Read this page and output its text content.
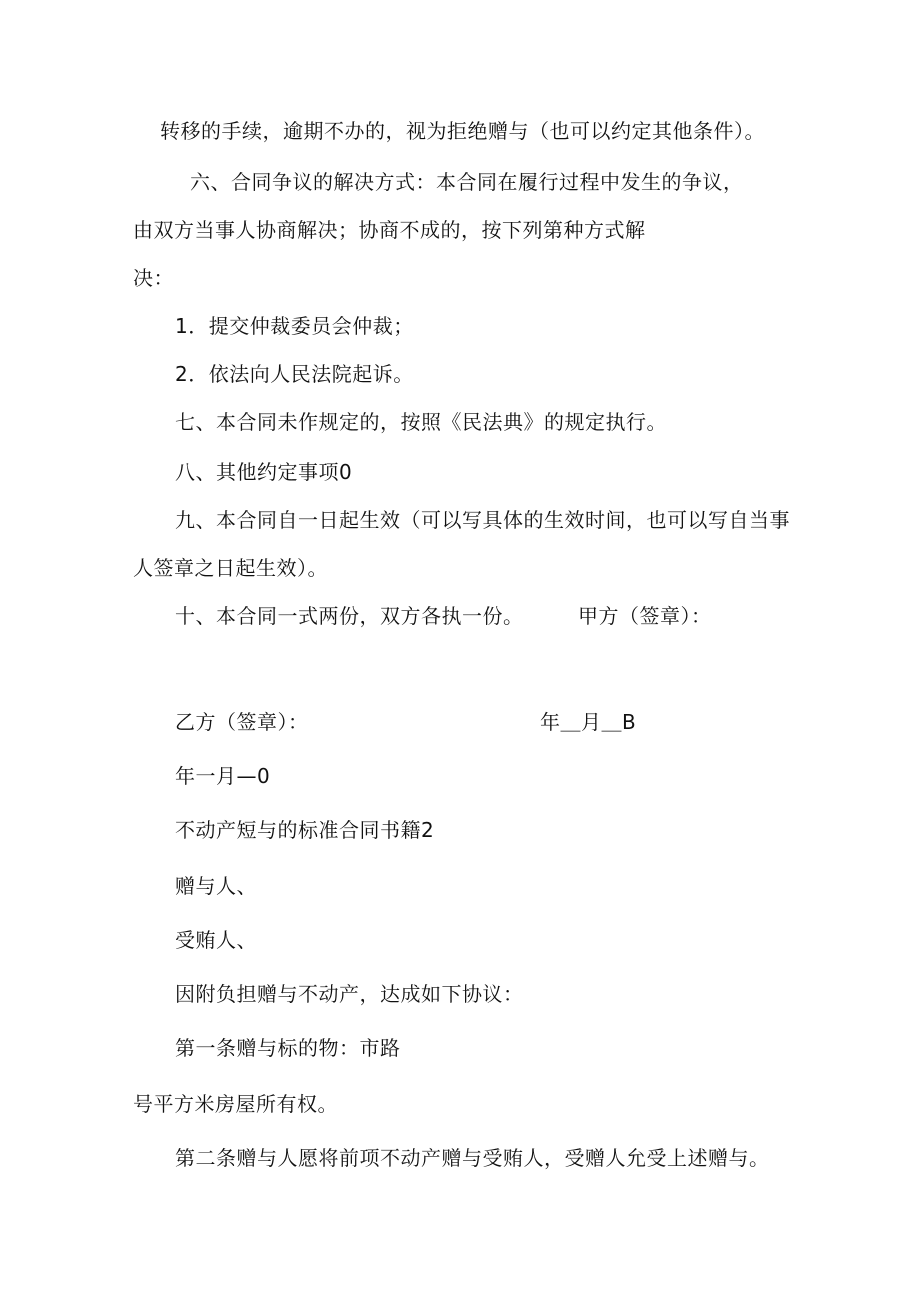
转移的手续，逾期不办的，视为拒绝赠与（也可以约定其他条件）。
六、合同争议的解决方式：本合同在履行过程中发生的争议，
由双方当事人协商解决；协商不成的，按下列第种方式解
决：
1．提交仲裁委员会仲裁；
2．依法向人民法院起诉。
七、本合同未作规定的，按照《民法典》的规定执行。
八、其他约定事项0
九、本合同自一日起生效（可以写具体的生效时间，也可以写自当事
人签章之日起生效）。
十、本合同一式两份，双方各执一份。	甲方（签章）：
乙方（签章）：	年＿月＿B
年一月—0
不动产短与的标准合同书籍2
赠与人、
受贿人、
因附负担赠与不动产，达成如下协议：
第一条赠与标的物：市路
号平方米房屋所有权。
第二条赠与人愿将前项不动产赠与受贿人，受赠人允受上述赠与。
